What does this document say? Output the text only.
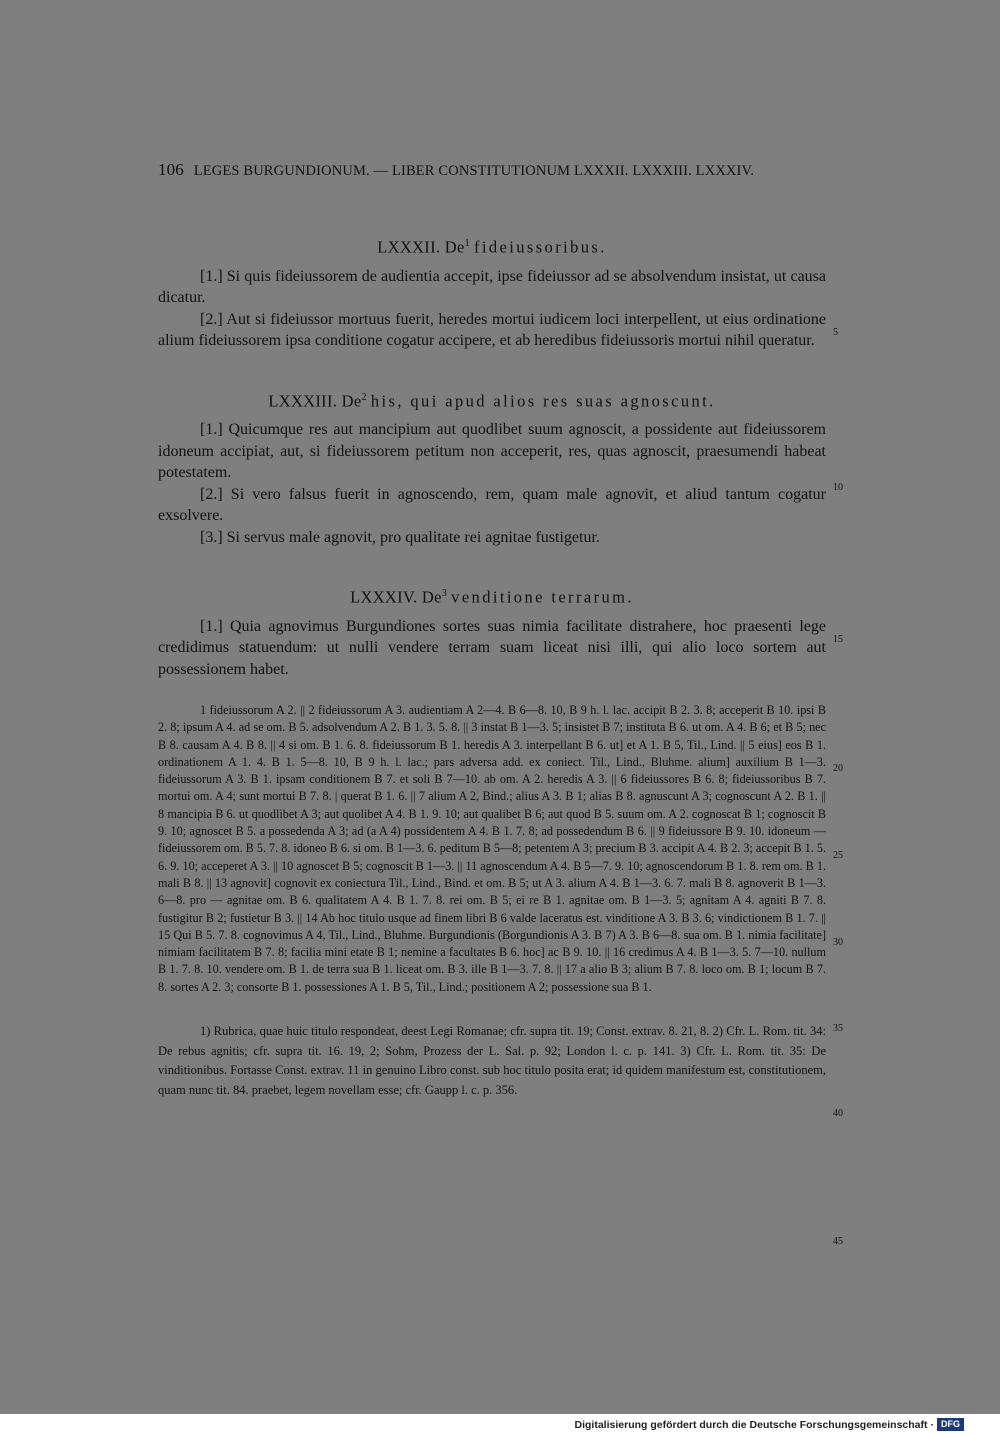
106 LEGES BURGUNDIONUM. — LIBER CONSTITUTIONUM LXXXII. LXXXIII. LXXXIV.
LXXXII. De$^1$ fideiussoribus.

[1.] Si quis fideiussorem de audientia accepit, ipse fideiussor ad se absolvendum insistat, ut causa dicatur.

[2.] Aut si fideiussor mortuus fuerit, heredes mortui iudicem loci interpellent, ut eius ordinatione alium fideiussorem ipsa conditione cogatur accipere, et ab heredibus fideiussoris mortui nihil queratur.

LXXXIII. De$^2$ his, qui apud alios res suas agnoscunt.

[1.] Quicumque res aut mancipium aut quodlibet suum agnoscit, a possidente aut fideiussorem idoneum accipiat, aut, si fideiussorem petitum non acceperit, res, quas agnoscit, praesumendi habeat potestatem.

[2.] Si vero falsus fuerit in agnoscendo, rem, quam male agnovit, et aliud tantum cogatur exsolvere.

[3.] Si servus male agnovit, pro qualitate rei agnitae fustigetur.

LXXXIV. De$^3$ venditione terrarum.

[1.] Quia agnovimus Burgundiones sortes suas nimia facilitate distrahere, hoc praesenti lege credidimus statuendum: ut nulli vendere terram suam liceat nisi illi, qui alio loco sortem aut possessionem habet.

1 fideiussorum A 2. || 2 fideiussorum A 3. audientiam A 2—4. B 6—8. 10, B 9 h. l. lac. accipit B 2. 3. 8; acceperit B 10. ipsi B 2. 8; ipsum A 4. ad se om. B 5. adsolvendum A 2. B 1. 3. 5. 8. || 3 instat B 1—3. 5; insistet B 7; instituta B 6. ut om. A 4. B 6; et B 5; nec B 8. causam A 4. B 8. || 4 si om. B 1. 6. 8. fideiussorum B 1. heredis A 3. interpellant B 6. ut] et A 1. B 5, Til., Lind. || 5 eius] eos B 1. ordinationem A 1. 4. B 1. 5—8. 10, B 9 h. l. lac.; pars adversa add. ex coniect. Til., Lind., Bluhme. alium] auxilium B 1—3. fideiussorum A 3. B 1. ipsam conditionem B 7. et soli B 7—10. ab om. A 2. heredis A 3. || 6 fideiussores B 6. 8; fideiussoribus B 7. mortui om. A 4; sunt mortui B 7. 8. | querat B 1. 6. || 7 alium A 2, Bind.; alius A 3. B 1; alias B 8. agnuscunt A 3; cognoscunt A 2. B 1. || 8 mancipia B 6. ut quodlibet A 3; aut quolibet A 4. B 1. 9. 10; aut qualibet B 6; aut quod B 5. suum om. A 2. cognoscat B 1; cognoscit B 9. 10; agnoscet B 5. a possedenda A 3; ad (a A 4) possidentem A 4. B 1. 7. 8; ad possedendum B 6. || 9 fideiussore B 9. 10. idoneum — fideiussorem om. B 5. 7. 8. idoneo B 6. si om. B 1—3. 6. peditum B 5—8; petentem A 3; precium B 3. accipit A 4. B 2. 3; accepit B 1. 5. 6. 9. 10; acceperet A 3. || 10 agnoscet B 5; cognoscit B 1—3. || 11 agnoscendum A 4. B 5—7. 9. 10; agnoscendorum B 1. 8. rem om. B 1. mali B 8. || 13 agnovit] cognovit ex coniectura Til., Lind., Bind. et om. B 5; ut A 3. alium A 4. B 1—3. 6. 7. mali B 8. agnoverit B 1—3. 6—8. pro — agnitae om. B 6. qualitatem A 4. B 1. 7. 8. rei om. B 5; ei re B 1. agnitae om. B 1—3. 5; agnitam A 4. agniti B 7. 8. fustigitur B 2; fustietur B 3. || 14 Ab hoc titulo usque ad finem libri B 6 valde laceratus est. vinditione A 3. B 3. 6; vindictionem B 1. 7. || 15 Qui B 5. 7. 8. cognovimus A 4, Til., Lind., Bluhme. Burgundionis (Borgundionis A 3. B 7) A 3. B 6—8. sua om. B 1. nimia facilitate] nimiam facilitatem B 7. 8; facilia mini etate B 1; nemine a facultates B 6. hoc] ac B 9. 10. || 16 credimus A 4. B 1—3. 5. 7—10. nullum B 1. 7. 8. 10. vendere om. B 1. de terra sua B 1. liceat om. B 3. ille B 1—3. 7. 8. || 17 a alio B 3; alium B 7. 8. loco om. B 1; locum B 7. 8. sortes A 2. 3; consorte B 1. possessiones A 1. B 5, Til., Lind.; positionem A 2; possessione sua B 1.

1) Rubrica, quae huic titulo respondeat, deest Legi Romanae; cfr. supra tit. 19; Const. extrav. 8. 21, 8. 2) Cfr. L. Rom. tit. 34: De rebus agnitis; cfr. supra tit. 16. 19, 2; Sohm, Prozess der L. Sal. p. 92; London l. c. p. 141. 3) Cfr. L. Rom. tit. 35: De vinditionibus. Fortasse Const. extrav. 11 in genuino Libro const. sub hoc titulo posita erat; id quidem manifestum est, constitutionem, quam nunc tit. 84. praebet, legem novellam esse; cfr. Gaupp l. c. p. 356.

5
10
15
20
25
30
35
40
45
Digitalisierung gefördert durch die Deutsche Forschungsgemeinschaft · DFG
